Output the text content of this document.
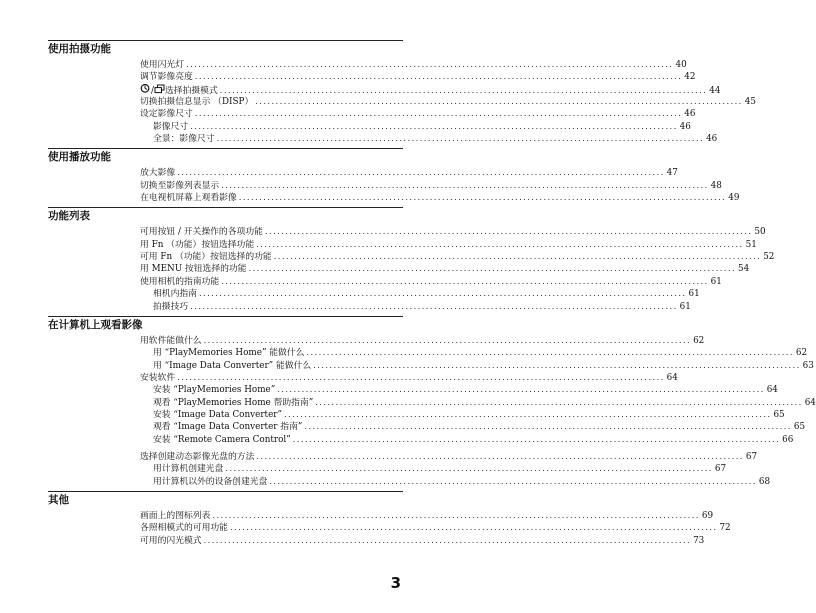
使用拍摄功能
使用闪光灯 ........................................................................................................................ 40
调节影像亮度 ........................................................................................................................ 42
/ 选择拍摄模式 ........................................................................................................................ 44
切换拍摄信息显示 （DISP） ........................................................................................................................ 45
设定影像尺寸 ........................................................................................................................ 46
影像尺寸 ........................................................................................................................ 46
全景：影像尺寸 ........................................................................................................................ 46
使用播放功能
放大影像 ........................................................................................................................ 47
切换至影像列表显示 ........................................................................................................................ 48
在电视机屏幕上观看影像 ........................................................................................................................ 49
功能列表
可用按钮 / 开关操作的各项功能 ........................................................................................................................ 50
用 Fn （功能）按钮选择功能 ........................................................................................................................ 51
可用 Fn （功能）按钮选择的功能 ........................................................................................................................ 52
用 MENU 按钮选择的功能 ........................................................................................................................ 54
使用相机的指南功能 ........................................................................................................................ 61
相机内指南 ........................................................................................................................ 61
拍摄技巧 ........................................................................................................................ 61
在计算机上观看影像
用软件能做什么 ........................................................................................................................ 62
用 “PlayMemories Home” 能做什么 ........................................................................................................................ 62
用 “Image Data Converter” 能做什么 ........................................................................................................................ 63
安装软件 ........................................................................................................................ 64
安装 “PlayMemories Home” ........................................................................................................................ 64
观看 “PlayMemories Home 帮助指南” ........................................................................................................................ 64
安装 “Image Data Converter” ........................................................................................................................ 65
观看 “Image Data Converter 指南” ........................................................................................................................ 65
安装 “Remote Camera Control” ........................................................................................................................ 66
选择创建动态影像光盘的方法 ........................................................................................................................ 67
用计算机创建光盘 ........................................................................................................................ 67
用计算机以外的设备创建光盘 ........................................................................................................................ 68
其他
画面上的图标列表 ........................................................................................................................ 69
各照相模式的可用功能 ........................................................................................................................ 72
可用的闪光模式 ........................................................................................................................ 73
3
